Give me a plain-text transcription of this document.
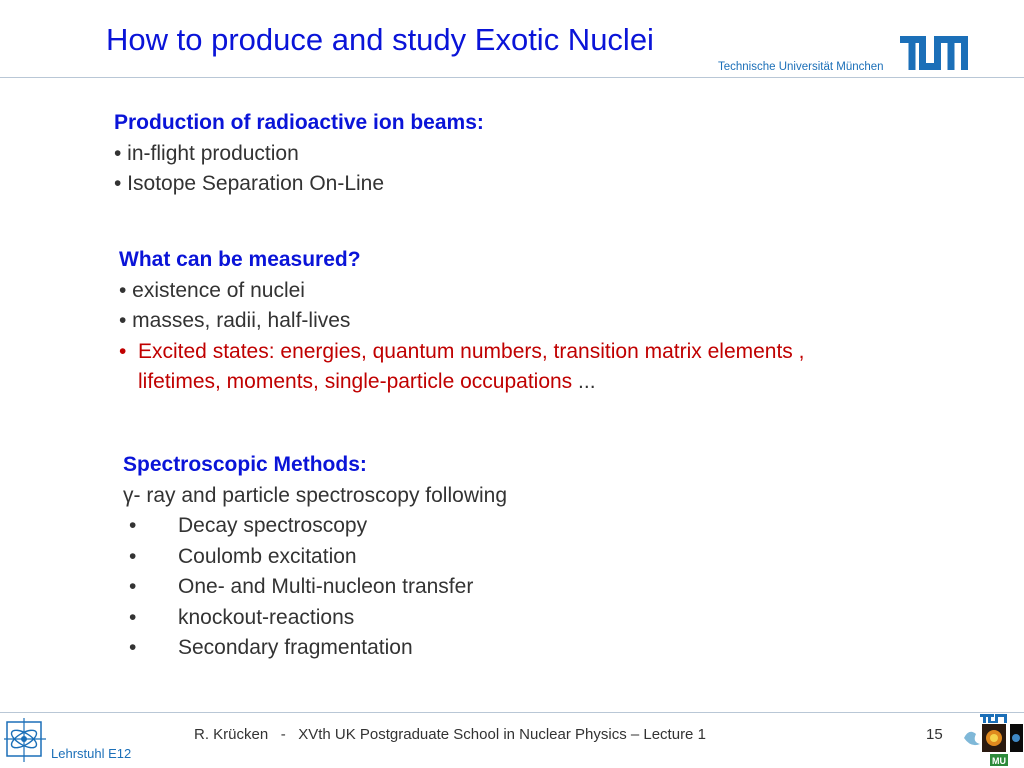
How to produce and study Exotic Nuclei
Technische Universität München
Production of radioactive ion beams:
• in-flight production
• Isotope Separation On-Line
What can be measured?
• existence of nuclei
• masses, radii, half-lives
• Excited states: energies, quantum numbers, transition matrix elements ,
lifetimes, moments, single-particle occupations ...
Spectroscopic Methods:
γ- ray and particle spectroscopy following
• Decay spectroscopy
• Coulomb excitation
• One- and Multi-nucleon transfer
• knockout-reactions
• Secondary fragmentation
Lehrstuhl E12
R. Krücken   -   XVth UK Postgraduate School in Nuclear Physics – Lecture 1	15
MU
